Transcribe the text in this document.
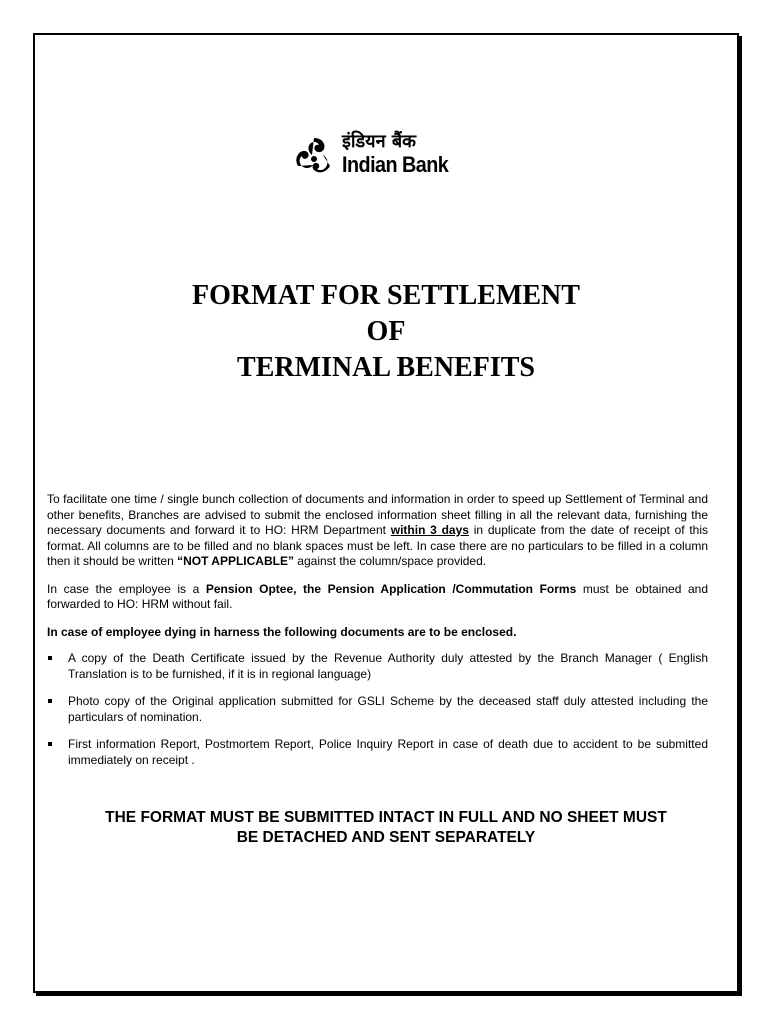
इंडियन बैंक
Indian Bank
FORMAT FOR SETTLEMENT
OF
TERMINAL BENEFITS

To facilitate one time / single bunch collection of documents and information in order to speed up Settlement of Terminal and other benefits, Branches are advised to submit the enclosed information sheet filling in all the relevant data, furnishing the necessary documents and forward it to HO: HRM Department within 3 days in duplicate from the date of receipt of this format. All columns are to be filled and no blank spaces must be left. In case there are no particulars to be filled in a column then it should be written “NOT APPLICABLE” against the column/space provided.

In case the employee is a Pension Optee, the Pension Application /Commutation Forms must be obtained and forwarded to HO: HRM without fail.

In case of employee dying in harness the following documents are to be enclosed.

A copy of the Death Certificate issued by the Revenue Authority duly attested by the Branch Manager ( English Translation is to be furnished, if it is in regional language)
Photo copy of the Original application submitted for GSLI Scheme by the deceased staff duly attested including the particulars of nomination.
First information Report, Postmortem Report, Police Inquiry Report in case of death due to accident to be submitted immediately on receipt .
THE FORMAT MUST BE SUBMITTED INTACT IN FULL AND NO SHEET MUST
BE DETACHED AND SENT SEPARATELY
